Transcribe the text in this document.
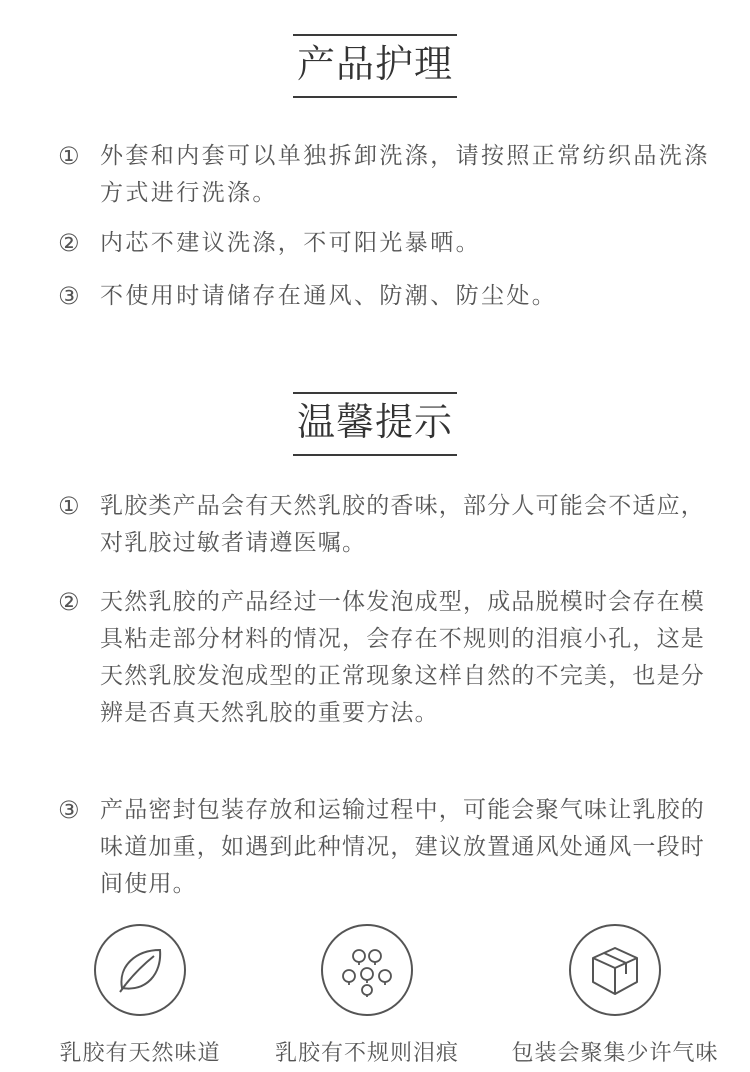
产品护理
① 外套和内套可以单独拆卸洗涤，请按照正常纺织品洗涤方式进行洗涤。
② 内芯不建议洗涤，不可阳光暴晒。
③ 不使用时请储存在通风、防潮、防尘处。
温馨提示
① 乳胶类产品会有天然乳胶的香味，部分人可能会不适应，对乳胶过敏者请遵医嘱。
② 天然乳胶的产品经过一体发泡成型，成品脱模时会存在模具粘走部分材料的情况，会存在不规则的泪痕小孔，这是天然乳胶发泡成型的正常现象这样自然的不完美，也是分辨是否真天然乳胶的重要方法。
③ 产品密封包装存放和运输过程中，可能会聚气味让乳胶的味道加重，如遇到此种情况，建议放置通风处通风一段时间使用。
乳胶有天然味道	乳胶有不规则泪痕	包装会聚集少许气味
